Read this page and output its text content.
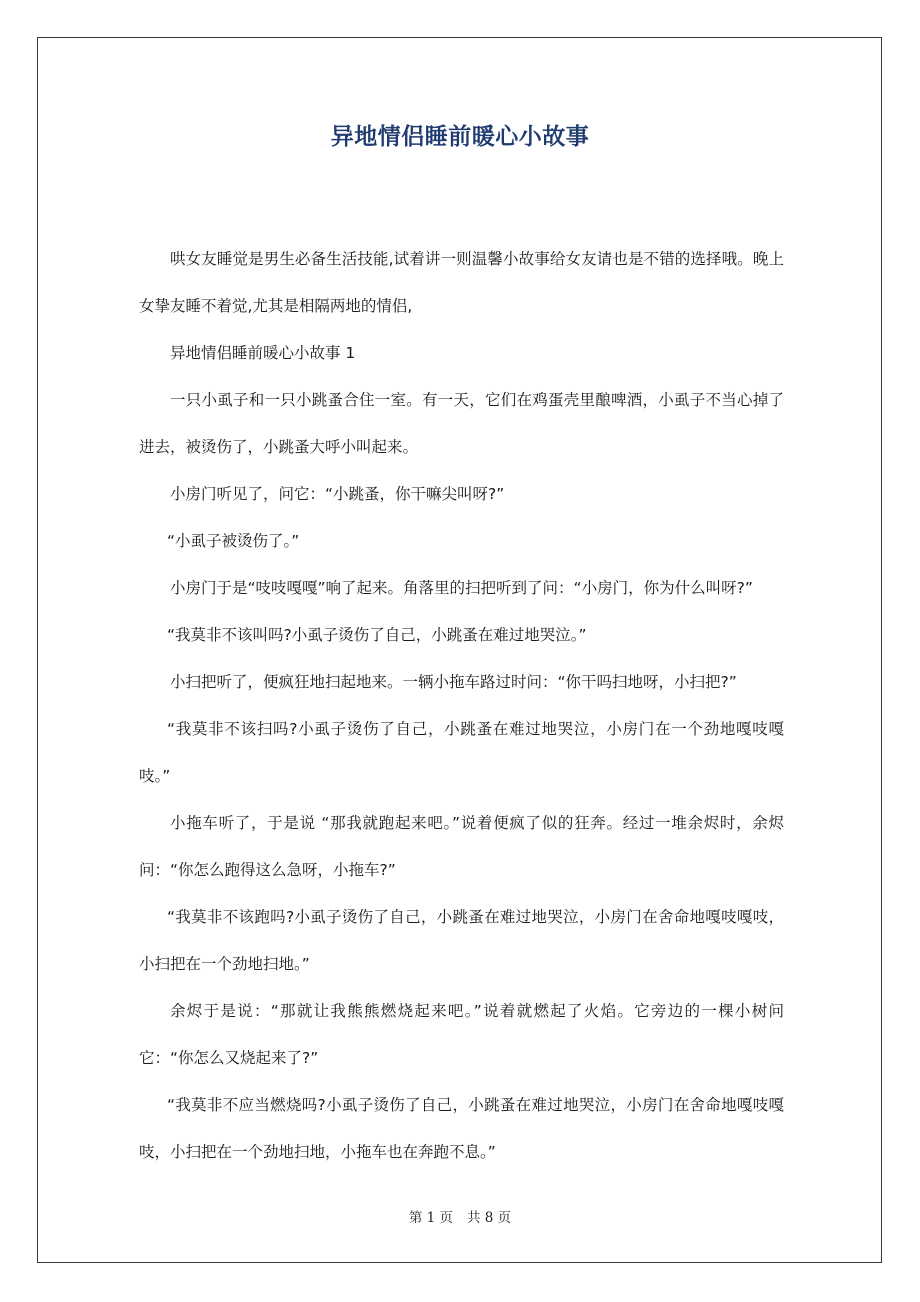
异地情侣睡前暖心小故事

哄女友睡觉是男生必备生活技能,试着讲一则温馨小故事给女友请也是不错的选择哦。晚上女挚友睡不着觉,尤其是相隔两地的情侣,

异地情侣睡前暖心小故事 1

一只小虱子和一只小跳蚤合住一室。有一天，它们在鸡蛋壳里酿啤酒，小虱子不当心掉了进去，被烫伤了，小跳蚤大呼小叫起来。

小房门听见了，问它：“小跳蚤，你干嘛尖叫呀?”

“小虱子被烫伤了。”

小房门于是“吱吱嘎嘎”响了起来。角落里的扫把听到了问：“小房门，你为什么叫呀?”

“我莫非不该叫吗?小虱子烫伤了自己，小跳蚤在难过地哭泣。”

小扫把听了，便疯狂地扫起地来。一辆小拖车路过时问：“你干吗扫地呀，小扫把?”

“我莫非不该扫吗?小虱子烫伤了自己，小跳蚤在难过地哭泣，小房门在一个劲地嘎吱嘎吱。”

小拖车听了，于是说 “那我就跑起来吧。”说着便疯了似的狂奔。经过一堆余烬时，余烬问：“你怎么跑得这么急呀，小拖车?”

“我莫非不该跑吗?小虱子烫伤了自己，小跳蚤在难过地哭泣，小房门在舍命地嘎吱嘎吱，小扫把在一个劲地扫地。”

余烬于是说：“那就让我熊熊燃烧起来吧。”说着就燃起了火焰。它旁边的一棵小树问它：“你怎么又烧起来了?”

“我莫非不应当燃烧吗?小虱子烫伤了自己，小跳蚤在难过地哭泣，小房门在舍命地嘎吱嘎吱，小扫把在一个劲地扫地，小拖车也在奔跑不息。”

第 1 页 共 8 页
